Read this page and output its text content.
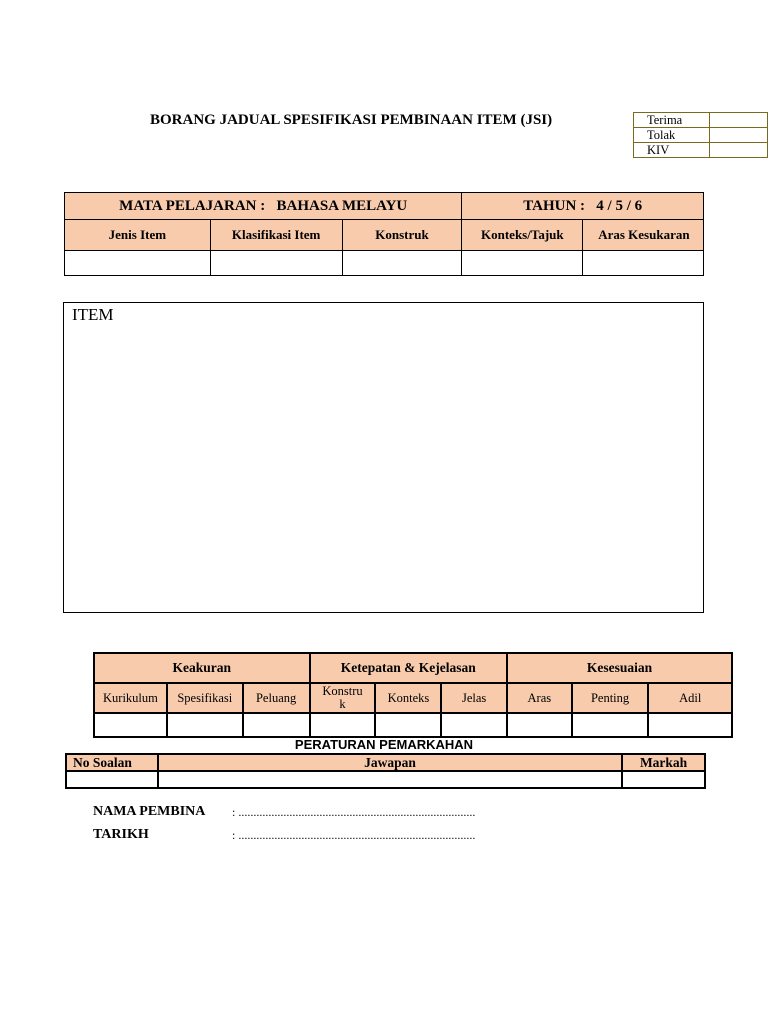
BORANG JADUAL SPESIFIKASI PEMBINAAN ITEM (JSI)	Terima	
Tolak	
KIV	
MATA PELAJARAN :   BAHASA MELAYU			TAHUN :   4 / 5 / 6	
Jenis Item	Klasifikasi Item	Konstruk	Konteks/Tajuk	Aras Kesukaran

ITEM
Keakuran			Ketepatan & Kejelasan			Kesesuaian		
Kurikulum	Spesifikasi	Peluang	Konstru k	Konteks	Jelas	Aras	Penting	Adil

PERATURAN PEMARKAHAN
No Soalan	Jawapan	Markah

NAMA PEMBINA : ...............................................................................
TARIKH	: ...............................................................................
